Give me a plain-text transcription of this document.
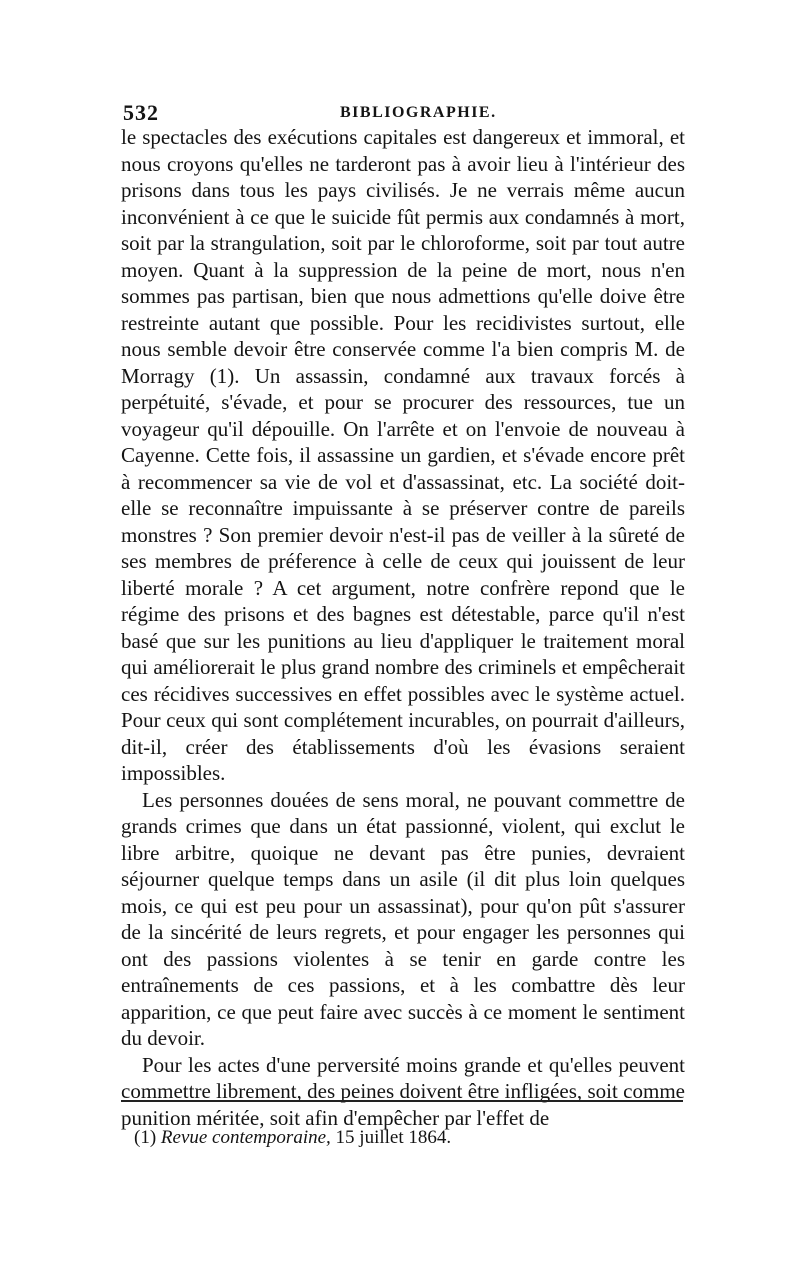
532	BIBLIOGRAPHIE.

le spectacles des exécutions capitales est dangereux et immoral, et nous croyons qu'elles ne tarderont pas à avoir lieu à l'intérieur des prisons dans tous les pays civilisés. Je ne verrais même aucun inconvénient à ce que le suicide fût permis aux condamnés à mort, soit par la strangulation, soit par le chloroforme, soit par tout autre moyen. Quant à la suppression de la peine de mort, nous n'en sommes pas partisan, bien que nous admettions qu'elle doive être restreinte autant que possible. Pour les recidivistes surtout, elle nous semble devoir être conservée comme l'a bien compris M. de Morragy (1). Un assassin, condamné aux travaux forcés à perpétuité, s'évade, et pour se procurer des ressources, tue un voyageur qu'il dépouille. On l'arrête et on l'envoie de nouveau à Cayenne. Cette fois, il assassine un gardien, et s'évade encore prêt à recommencer sa vie de vol et d'assassinat, etc. La société doit-elle se reconnaître impuissante à se préserver contre de pareils monstres ? Son premier devoir n'est-il pas de veiller à la sûreté de ses membres de préference à celle de ceux qui jouissent de leur liberté morale ? A cet argument, notre confrère repond que le régime des prisons et des bagnes est détestable, parce qu'il n'est basé que sur les punitions au lieu d'appliquer le traitement moral qui améliorerait le plus grand nombre des criminels et empêcherait ces récidives successives en effet possibles avec le système actuel. Pour ceux qui sont complétement incurables, on pourrait d'ailleurs, dit-il, créer des établissements d'où les évasions seraient impossibles.

Les personnes douées de sens moral, ne pouvant commettre de grands crimes que dans un état passionné, violent, qui exclut le libre arbitre, quoique ne devant pas être punies, devraient séjourner quelque temps dans un asile (il dit plus loin quelques mois, ce qui est peu pour un assassinat), pour qu'on pût s'assurer de la sincérité de leurs regrets, et pour engager les personnes qui ont des passions violentes à se tenir en garde contre les entraînements de ces passions, et à les combattre dès leur apparition, ce que peut faire avec succès à ce moment le sentiment du devoir.

Pour les actes d'une perversité moins grande et qu'elles peuvent commettre librement, des peines doivent être infligées, soit comme punition méritée, soit afin d'empêcher par l'effet de

(1) Revue contemporaine, 15 juillet 1864.
